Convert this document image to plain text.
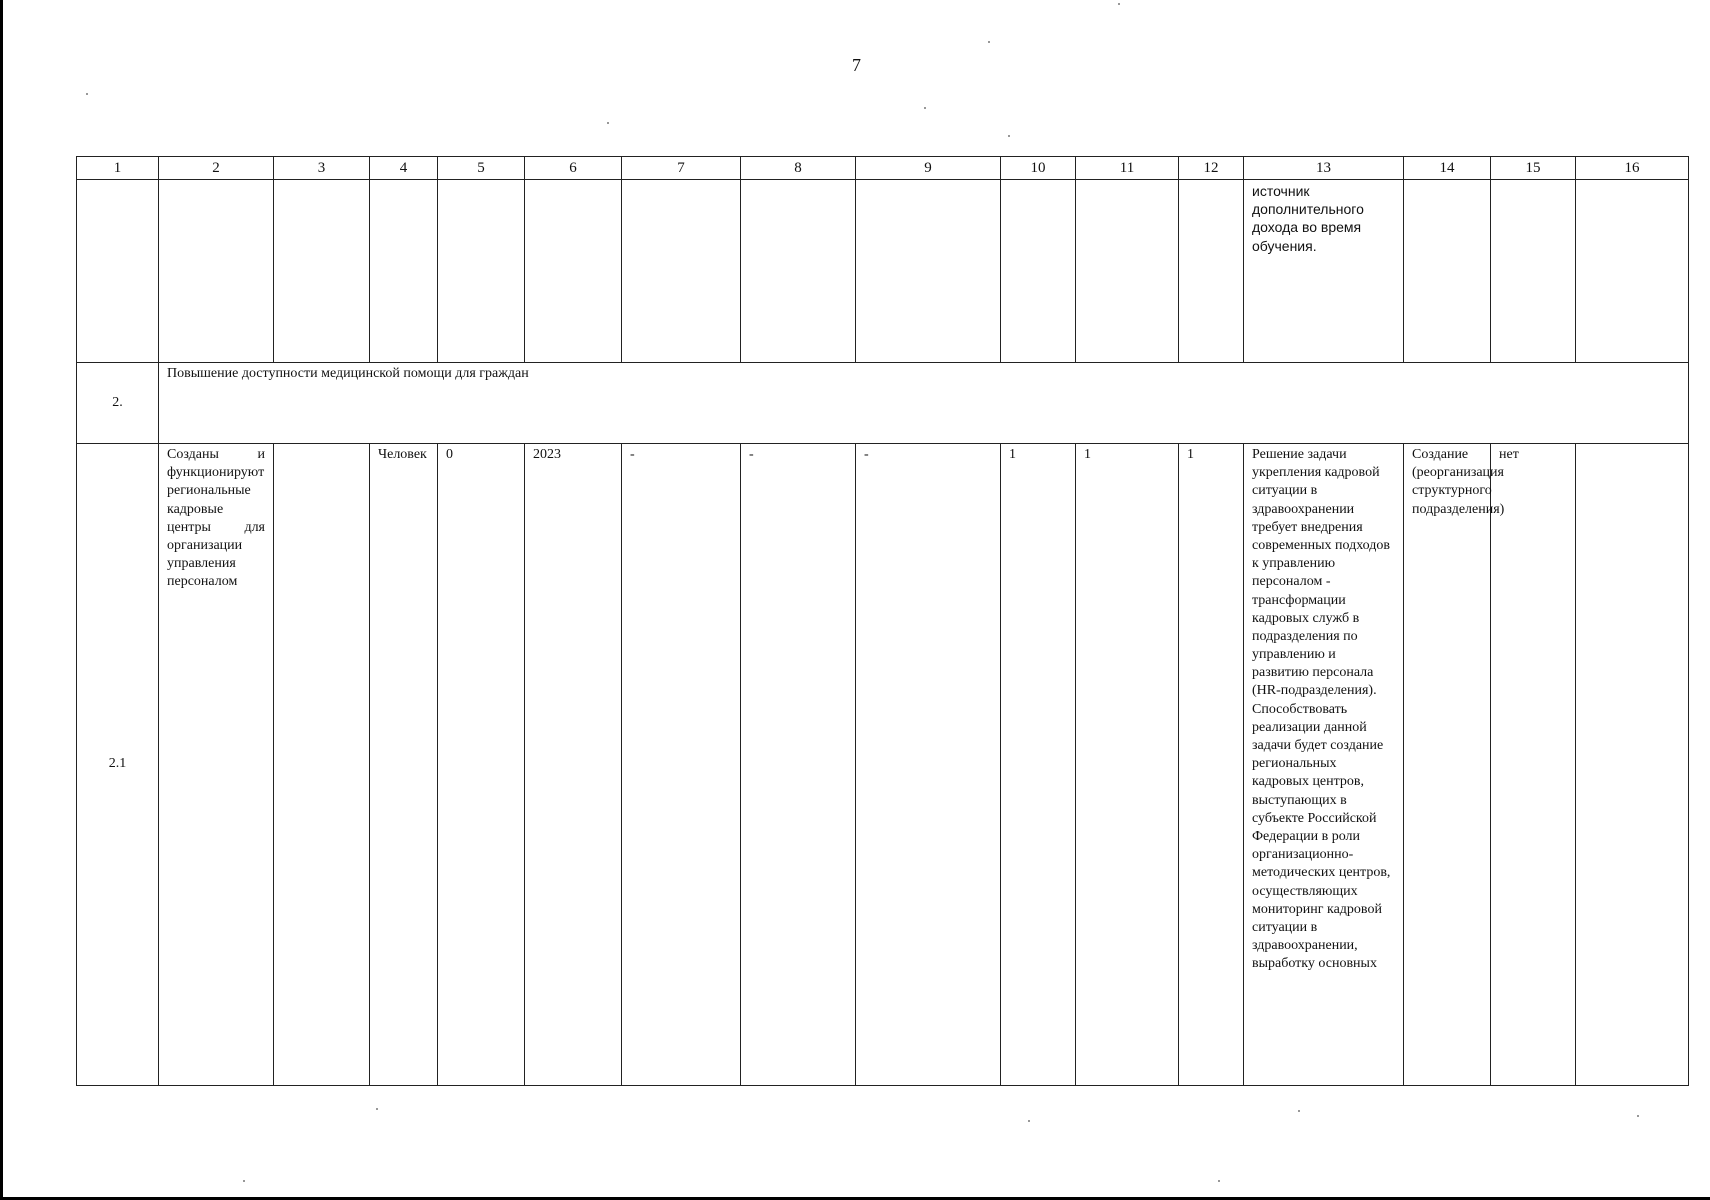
7
1	2	3	4	5	6	7	8	9	10	11	12	13	14	15	16
												источник дополнительного дохода во время обучения.			
2.	Повышение доступности медицинской помощи для граждан														
2.1	Созданы и функционируют региональные кадровые центры для организации управления персоналом		Человек	0	2023	-	-	-	1	1	1	Решение задачи укрепления кадровой ситуации в здравоохранении требует внедрения современных подходов к управлению персоналом - трансформации кадровых служб в подразделения по управлению и развитию персонала (HR-подразделения). Способствовать реализации данной задачи будет создание региональных кадровых центров, выступающих в субъекте Российской Федерации в роли организационно-методических центров, осуществляющих мониторинг кадровой ситуации в здравоохранении, выработку основных	Создание (реорганизация структурного подразделения)	нет	
